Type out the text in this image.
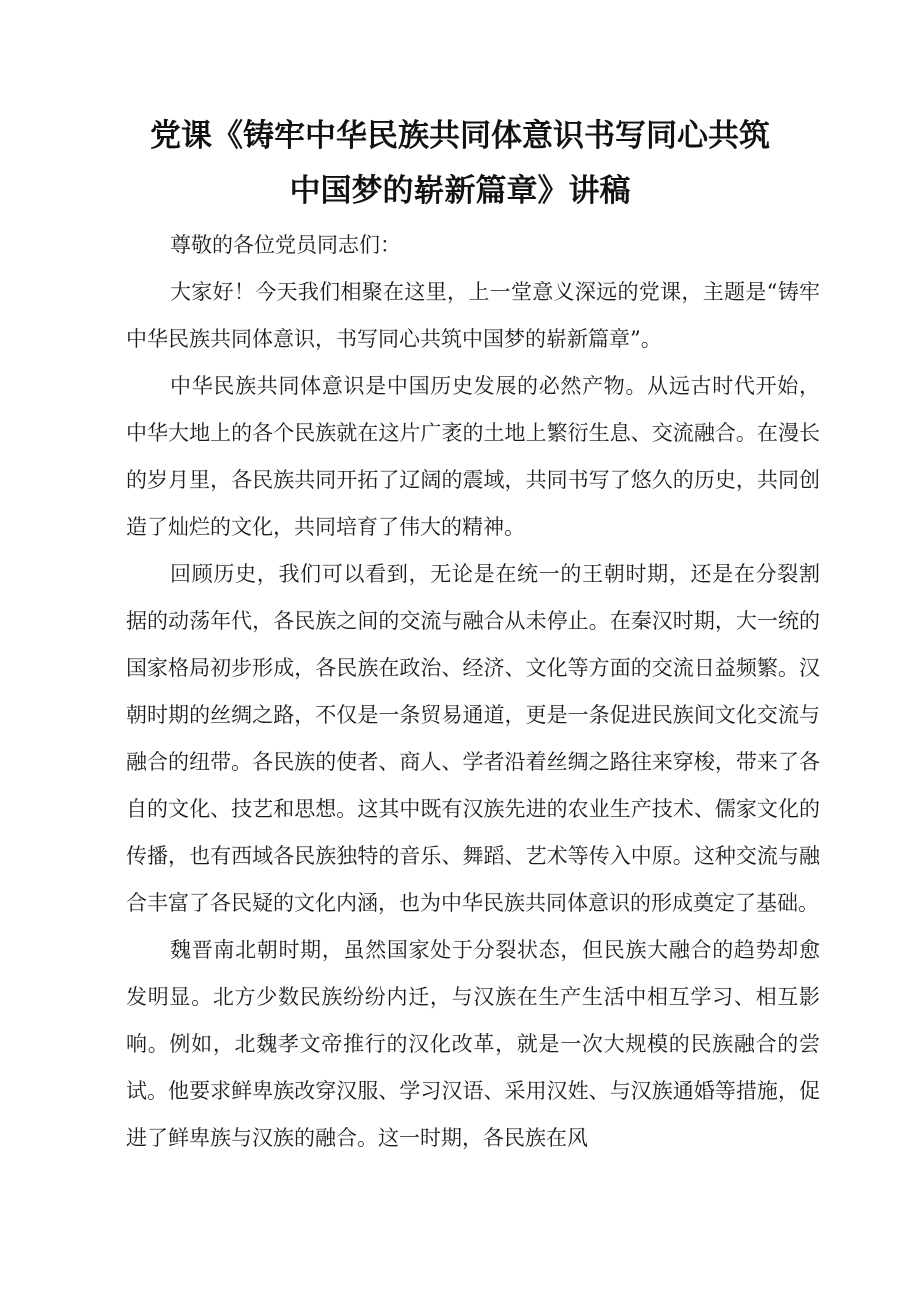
党课《铸牢中华民族共同体意识书写同心共筑
中国梦的崭新篇章》讲稿

尊敬的各位党员同志们：

大家好！今天我们相聚在这里，上一堂意义深远的党课，主题是“铸牢中华民族共同体意识，书写同心共筑中国梦的崭新篇章”。

中华民族共同体意识是中国历史发展的必然产物。从远古时代开始，中华大地上的各个民族就在这片广袤的土地上繁衍生息、交流融合。在漫长的岁月里，各民族共同开拓了辽阔的震域，共同书写了悠久的历史，共同创造了灿烂的文化，共同培育了伟大的精神。

回顾历史，我们可以看到，无论是在统一的王朝时期，还是在分裂割据的动荡年代，各民族之间的交流与融合从未停止。在秦汉时期，大一统的国家格局初步形成，各民族在政治、经济、文化等方面的交流日益频繁。汉朝时期的丝绸之路，不仅是一条贸易通道，更是一条促进民族间文化交流与融合的纽带。各民族的使者、商人、学者沿着丝绸之路往来穿梭，带来了各自的文化、技艺和思想。这其中既有汉族先进的农业生产技术、儒家文化的传播，也有西域各民族独特的音乐、舞蹈、艺术等传入中原。这种交流与融合丰富了各民疑的文化内涵，也为中华民族共同体意识的形成奠定了基础。

魏晋南北朝时期，虽然国家处于分裂状态，但民族大融合的趋势却愈发明显。北方少数民族纷纷内迁，与汉族在生产生活中相互学习、相互影响。例如，北魏孝文帝推行的汉化改革，就是一次大规模的民族融合的尝试。他要求鲜卑族改穿汉服、学习汉语、采用汉姓、与汉族通婚等措施，促进了鲜卑族与汉族的融合。这一时期，各民族在风
